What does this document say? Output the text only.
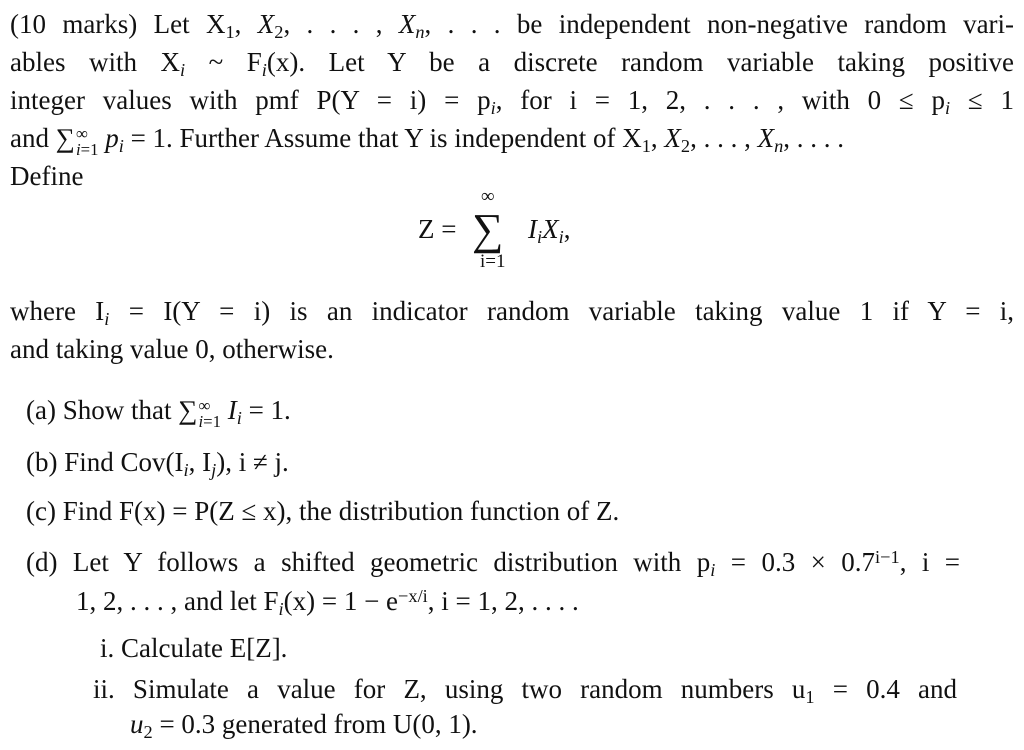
(10 marks) Let $X_1$, $X_2$, . . . , $X_n$, . . . be independent non-negative random vari-
ables with $X_i$ ~ $F_i(x)$. Let Y be a discrete random variable taking positive
integer values with pmf $P(Y = i) = p_i$, for i = 1, 2, . . . , with $0 \le p_i \le 1$
and ∑ ∞
i=1 $p_i = 1$. Further Assume that Y is independent of $X_1$, $X_2$, . . . , $X_n$, . . . .
Define
Z =
∞
∑
i=1
$I_iX_i$,
where $I_i = I(Y = i)$ is an indicator random variable taking value 1 if Y = i,
and taking value 0, otherwise.
(a) Show that ∑ ∞
i=1 $I_i = 1$.
(b) Find $Cov(I_i$, $I_j$), i ≠ j.
(c) Find F(x) = P(Z ≤ x), the distribution function of Z.
(d) Let Y follows a shifted geometric distribution with $p_i = 0.3 \times 0.7^{i-1}$, i =
1, 2, . . . , and let $F_i(x) = 1 - e^{-x/i}$, i = 1, 2, . . . .
i. Calculate E[Z].
ii. Simulate a value for Z, using two random numbers $u_1 = 0.4$ and
$u_2 = 0.3$ generated from U(0, 1).
